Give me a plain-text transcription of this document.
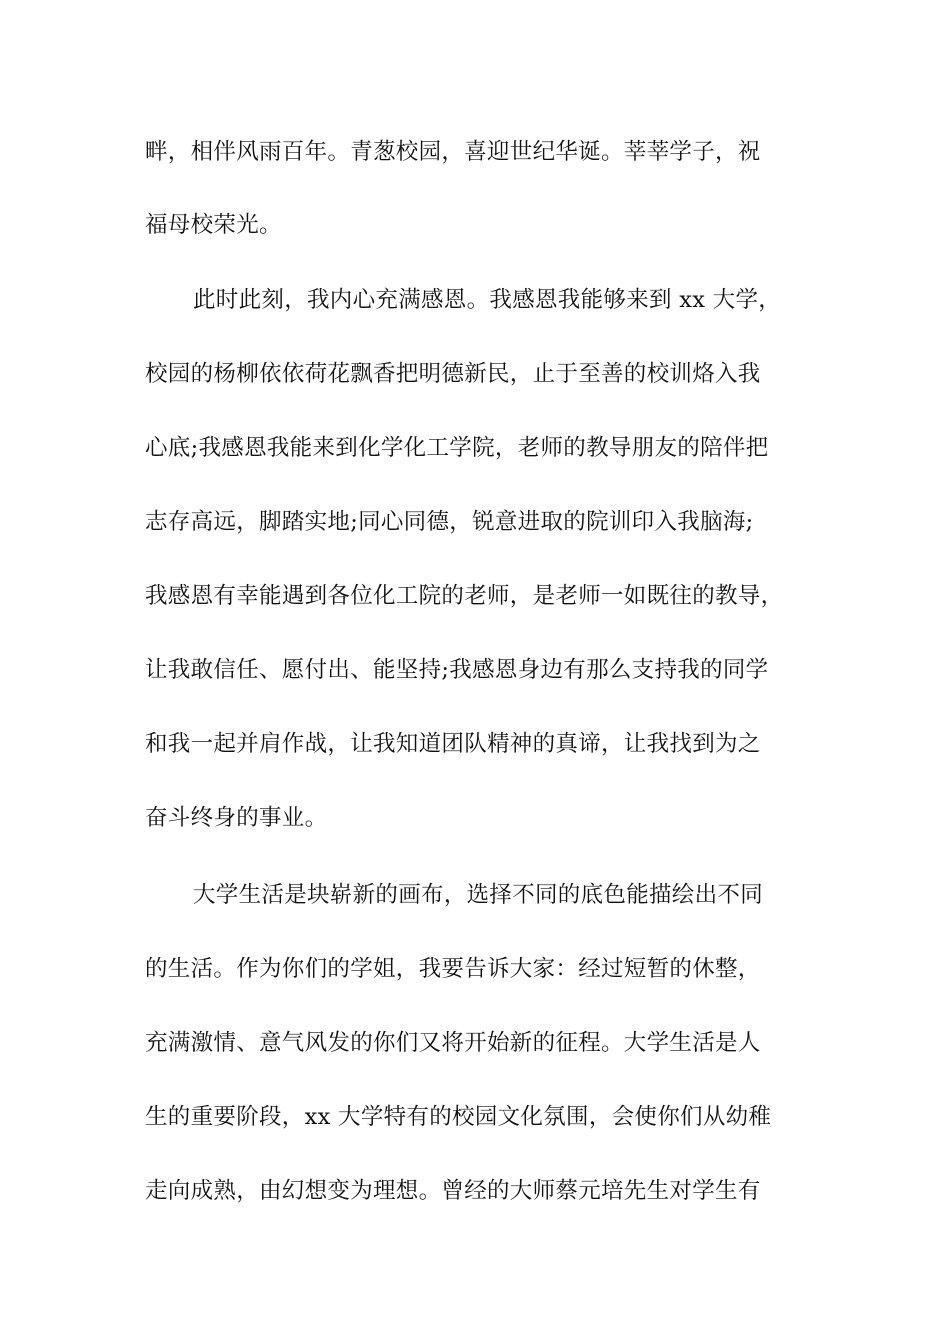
畔，相伴风雨百年。青葱校园，喜迎世纪华诞。莘莘学子，祝
福母校荣光。
此时此刻，我内心充满感恩。我感恩我能够来到 xx 大学，
校园的杨柳依依荷花飘香把明德新民，止于至善的校训烙入我
心底;我感恩我能来到化学化工学院，老师的教导朋友的陪伴把
志存高远，脚踏实地;同心同德，锐意进取的院训印入我脑海;
我感恩有幸能遇到各位化工院的老师，是老师一如既往的教导，
让我敢信任、愿付出、能坚持;我感恩身边有那么支持我的同学
和我一起并肩作战，让我知道团队精神的真谛，让我找到为之
奋斗终身的事业。
大学生活是块崭新的画布，选择不同的底色能描绘出不同
的生活。作为你们的学姐，我要告诉大家：经过短暂的休整，
充满激情、意气风发的你们又将开始新的征程。大学生活是人
生的重要阶段，xx 大学特有的校园文化氛围，会使你们从幼稚
走向成熟，由幻想变为理想。曾经的大师蔡元培先生对学生有
